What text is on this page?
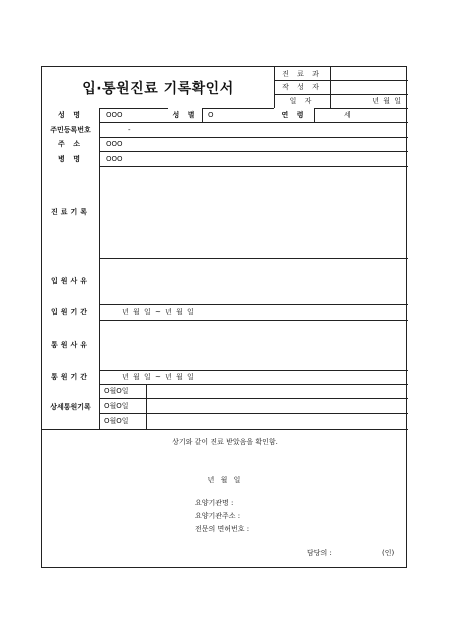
입·통원진료 기록확인서
진 료 과
작 성 자
일 자	년 월 일
성 명	OOO	성 별	O	연 령	세
주민등록번호	-
주 소	OOO
병 명	OOO
진료기록
입원사유
입원기간	년 월 일 ~ 년 월 일
통원사유
통원기간	년 월 일 ~ 년 월 일
상세통원기록
O월O일
O월O일
O월O일
상기와 같이 진료 받았음을 확인함.
년 월 일
요양기관명 :
요양기관주소 :
전문의 면허번호 :
담당의 :	(인)
